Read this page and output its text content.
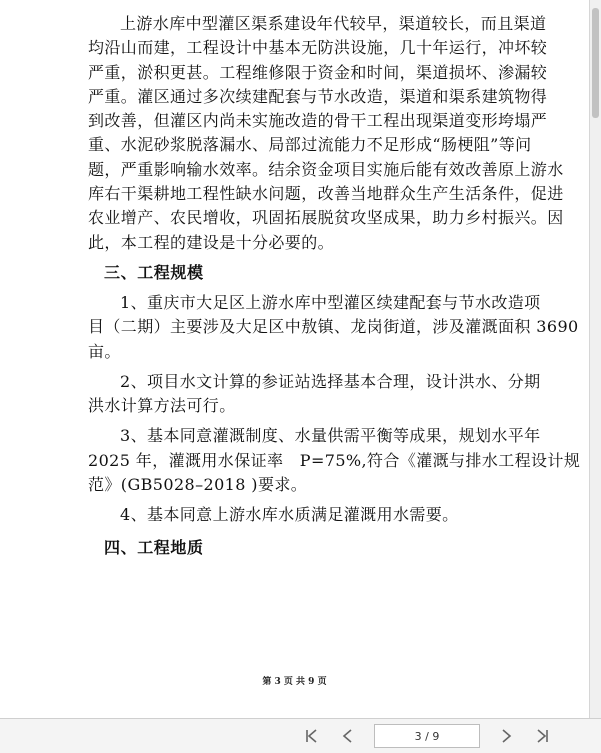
上游水库中型灌区渠系建设年代较早，渠道较长，而且渠道
均沿山而建，工程设计中基本无防洪设施，几十年运行，冲坏较
严重，淤积更甚。工程维修限于资金和时间，渠道损坏、渗漏较
严重。灌区通过多次续建配套与节水改造，渠道和渠系建筑物得
到改善，但灌区内尚未实施改造的骨干工程出现渠道变形垮塌严
重、水泥砂浆脱落漏水、局部过流能力不足形成“肠梗阻”等问
题，严重影响输水效率。结余资金项目实施后能有效改善原上游水
库右干渠耕地工程性缺水问题，改善当地群众生产生活条件，促进
农业增产、农民增收，巩固拓展脱贫攻坚成果，助力乡村振兴。因
此，本工程的建设是十分必要的。

三、工程规模

1、重庆市大足区上游水库中型灌区续建配套与节水改造项
目（二期）主要涉及大足区中敖镇、龙岗街道，涉及灌溉面积 3690
亩。

2、项目水文计算的参证站选择基本合理，设计洪水、分期
洪水计算方法可行。

3、基本同意灌溉制度、水量供需平衡等成果，规划水平年
2025 年，灌溉用水保证率　P=75%,符合《灌溉与排水工程设计规
范》(GB5028–2018 )要求。

4、基本同意上游水库水质满足灌溉用水需要。

四、工程地质

第 3 页 共 9 页
3 / 9
